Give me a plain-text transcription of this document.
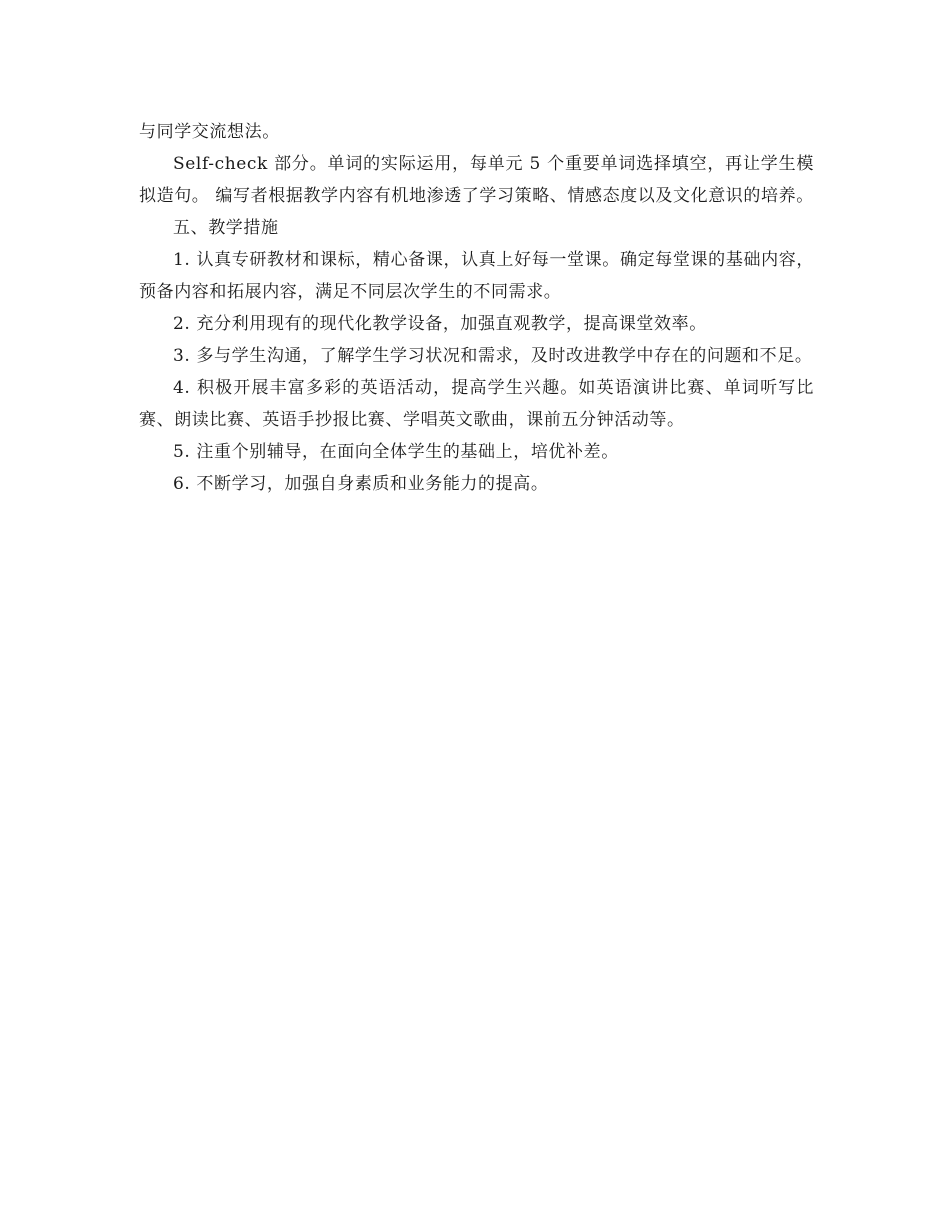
与同学交流想法。

Self-check 部分。单词的实际运用，每单元 5 个重要单词选择填空，再让学生模拟造句。 编写者根据教学内容有机地渗透了学习策略、情感态度以及文化意识的培养。

五、教学措施

1. 认真专研教材和课标，精心备课，认真上好每一堂课。确定每堂课的基础内容，预备内容和拓展内容，满足不同层次学生的不同需求。

2. 充分利用现有的现代化教学设备，加强直观教学，提高课堂效率。

3. 多与学生沟通，了解学生学习状况和需求，及时改进教学中存在的问题和不足。

4. 积极开展丰富多彩的英语活动，提高学生兴趣。如英语演讲比赛、单词听写比赛、朗读比赛、英语手抄报比赛、学唱英文歌曲，课前五分钟活动等。

5. 注重个别辅导，在面向全体学生的基础上，培优补差。

6. 不断学习，加强自身素质和业务能力的提高。
